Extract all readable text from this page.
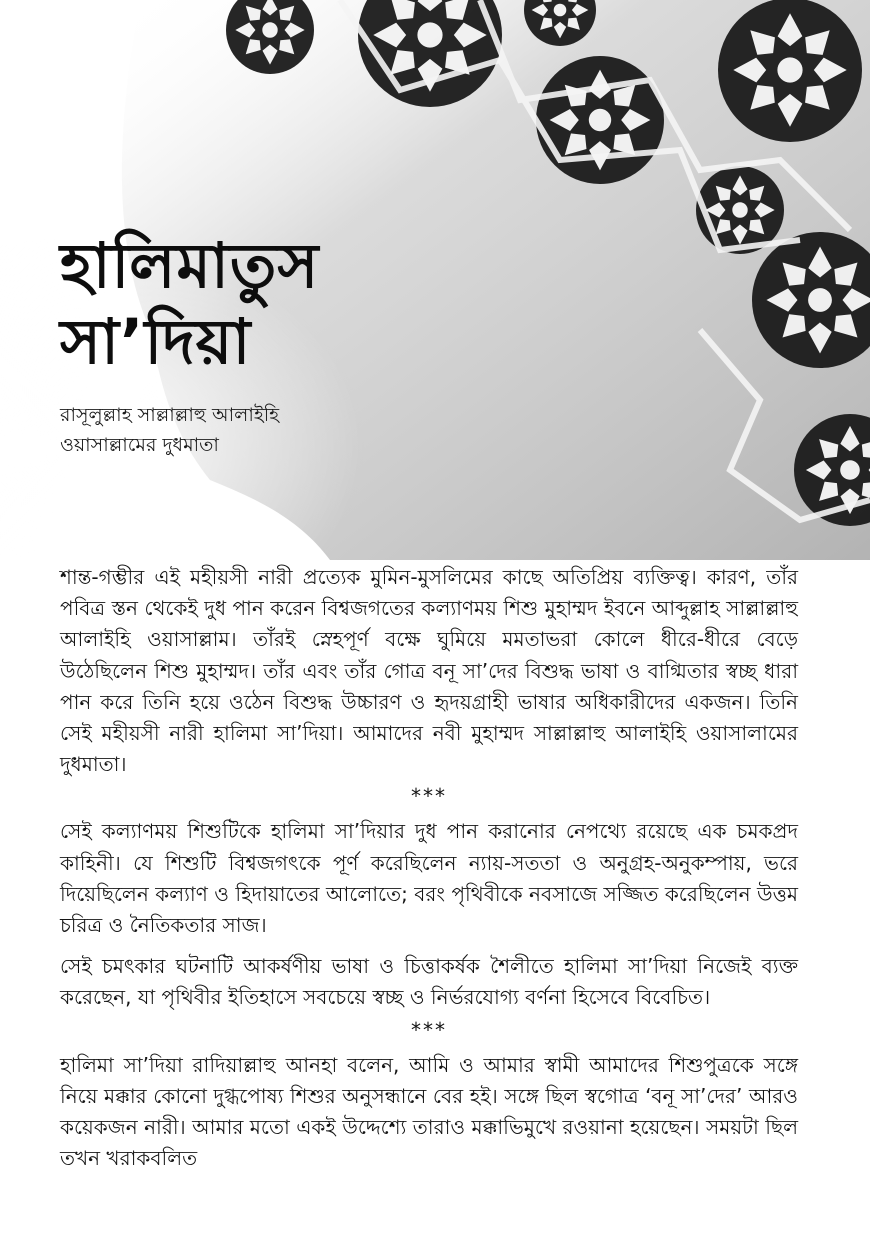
হালিমাতুস
সা’দিয়া
রাসূলুল্লাহ সাল্লাল্লাহু আলাইহি
ওয়াসাল্লামের দুধমাতা

শান্ত-গম্ভীর এই মহীয়সী নারী প্রত্যেক মুমিন-মুসলিমের কাছে অতিপ্রিয় ব্যক্তিত্ব। কারণ, তাঁর পবিত্র স্তন থেকেই দুধ পান করেন বিশ্বজগতের কল্যাণময় শিশু মুহাম্মদ ইবনে আব্দুল্লাহ সাল্লাল্লাহু আলাইহি ওয়াসাল্লাম। তাঁরই স্নেহপূর্ণ বক্ষে ঘুমিয়ে মমতাভরা কোলে ধীরে-ধীরে বেড়ে উঠেছিলেন শিশু মুহাম্মদ। তাঁর এবং তাঁর গোত্র বনূ সা’দের বিশুদ্ধ ভাষা ও বাগ্মিতার স্বচ্ছ ধারা পান করে তিনি হয়ে ওঠেন বিশুদ্ধ উচ্চারণ ও হৃদয়গ্রাহী ভাষার অধিকারীদের একজন। তিনি সেই মহীয়সী নারী হালিমা সা’দিয়া। আমাদের নবী মুহাম্মদ সাল্লাল্লাহু আলাইহি ওয়াসালামের দুধমাতা।

***

সেই কল্যাণময় শিশুটিকে হালিমা সা’দিয়ার দুধ পান করানোর নেপথ্যে রয়েছে এক চমকপ্রদ কাহিনী। যে শিশুটি বিশ্বজগৎকে পূর্ণ করেছিলেন ন্যায়-সততা ও অনুগ্রহ-অনুকম্পায়, ভরে দিয়েছিলেন কল্যাণ ও হিদায়াতের আলোতে; বরং পৃথিবীকে নবসাজে সজ্জিত করেছিলেন উত্তম চরিত্র ও নৈতিকতার সাজ।

সেই চমৎকার ঘটনাটি আকর্ষণীয় ভাষা ও চিত্তাকর্ষক শৈলীতে হালিমা সা’দিয়া নিজেই ব্যক্ত করেছেন, যা পৃথিবীর ইতিহাসে সবচেয়ে স্বচ্ছ ও নির্ভরযোগ্য বর্ণনা হিসেবে বিবেচিত।

***

হালিমা সা’দিয়া রাদিয়াল্লাহু আনহা বলেন, আমি ও আমার স্বামী আমাদের শিশুপুত্রকে সঙ্গে নিয়ে মক্কার কোনো দুগ্ধপোষ্য শিশুর অনুসন্ধানে বের হই। সঙ্গে ছিল স্বগোত্র ‘বনূ সা’দের’ আরও কয়েকজন নারী। আমার মতো একই উদ্দেশ্যে তারাও মক্কাভিমুখে রওয়ানা হয়েছেন। সময়টা ছিল তখন খরাকবলিত
